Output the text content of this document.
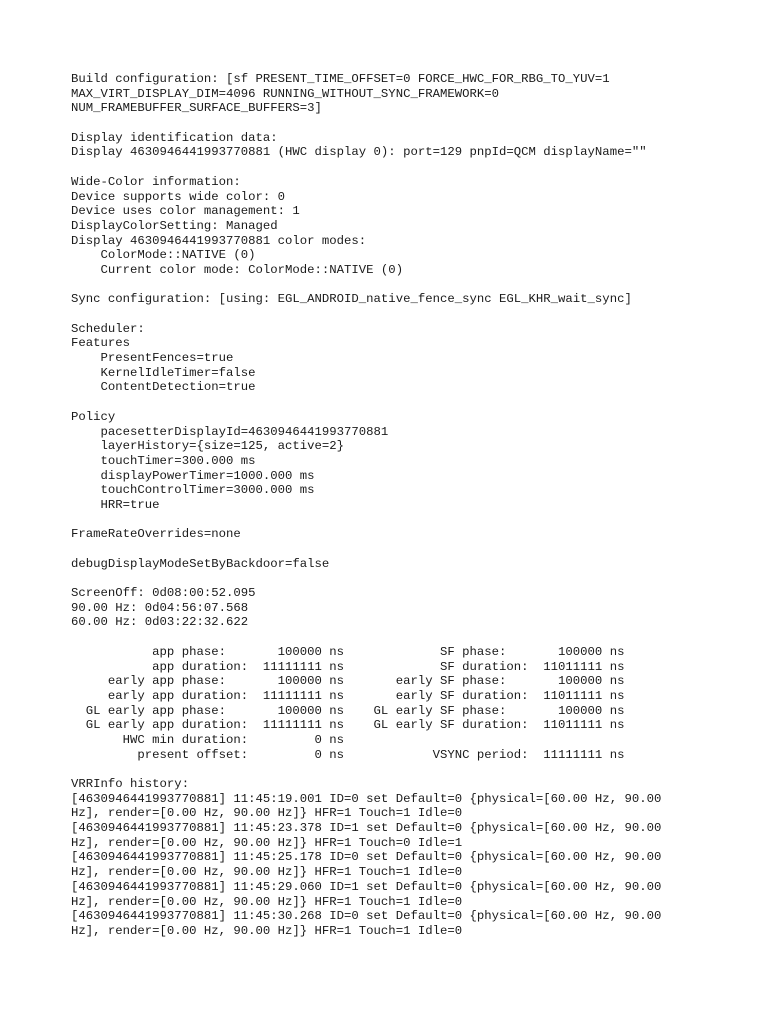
Build configuration: [sf PRESENT_TIME_OFFSET=0 FORCE_HWC_FOR_RBG_TO_YUV=1
MAX_VIRT_DISPLAY_DIM=4096 RUNNING_WITHOUT_SYNC_FRAMEWORK=0
NUM_FRAMEBUFFER_SURFACE_BUFFERS=3]

Display identification data:
Display 4630946441993770881 (HWC display 0): port=129 pnpId=QCM displayName=""

Wide-Color information:
Device supports wide color: 0
Device uses color management: 1
DisplayColorSetting: Managed
Display 4630946441993770881 color modes:
ColorMode::NATIVE (0)
Current color mode: ColorMode::NATIVE (0)

Sync configuration: [using: EGL_ANDROID_native_fence_sync EGL_KHR_wait_sync]

Scheduler:
Features
PresentFences=true
KernelIdleTimer=false
ContentDetection=true

Policy
pacesetterDisplayId=4630946441993770881
layerHistory={size=125, active=2}
touchTimer=300.000 ms
displayPowerTimer=1000.000 ms
touchControlTimer=3000.000 ms
HRR=true

FrameRateOverrides=none

debugDisplayModeSetByBackdoor=false

ScreenOff: 0d08:00:52.095
90.00 Hz: 0d04:56:07.568
60.00 Hz: 0d03:22:32.622

app phase:       100000 ns             SF phase:       100000 ns
app duration:  11111111 ns             SF duration:  11011111 ns
early app phase:       100000 ns       early SF phase:       100000 ns
early app duration:  11111111 ns       early SF duration:  11011111 ns
GL early app phase:       100000 ns    GL early SF phase:       100000 ns
GL early app duration:  11111111 ns    GL early SF duration:  11011111 ns
HWC min duration:         0 ns
present offset:         0 ns            VSYNC period:  11111111 ns

VRRInfo history:
[4630946441993770881] 11:45:19.001 ID=0 set Default=0 {physical=[60.00 Hz, 90.00
Hz], render=[0.00 Hz, 90.00 Hz]} HFR=1 Touch=1 Idle=0
[4630946441993770881] 11:45:23.378 ID=1 set Default=0 {physical=[60.00 Hz, 90.00
Hz], render=[0.00 Hz, 90.00 Hz]} HFR=1 Touch=0 Idle=1
[4630946441993770881] 11:45:25.178 ID=0 set Default=0 {physical=[60.00 Hz, 90.00
Hz], render=[0.00 Hz, 90.00 Hz]} HFR=1 Touch=1 Idle=0
[4630946441993770881] 11:45:29.060 ID=1 set Default=0 {physical=[60.00 Hz, 90.00
Hz], render=[0.00 Hz, 90.00 Hz]} HFR=1 Touch=1 Idle=0
[4630946441993770881] 11:45:30.268 ID=0 set Default=0 {physical=[60.00 Hz, 90.00
Hz], render=[0.00 Hz, 90.00 Hz]} HFR=1 Touch=1 Idle=0
